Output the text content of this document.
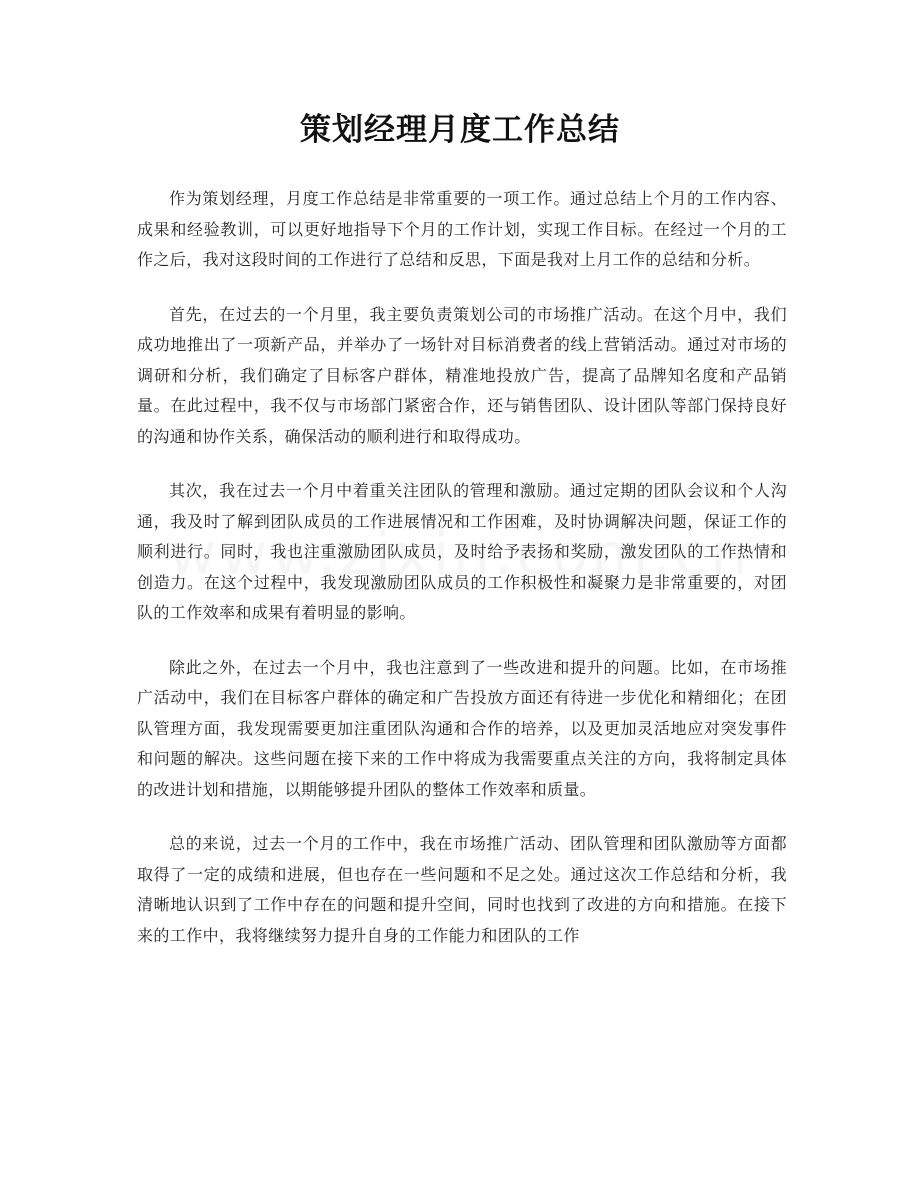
策划经理月度工作总结

作为策划经理，月度工作总结是非常重要的一项工作。通过总结上个月的工作内容、成果和经验教训，可以更好地指导下个月的工作计划，实现工作目标。在经过一个月的工作之后，我对这段时间的工作进行了总结和反思，下面是我对上月工作的总结和分析。

首先，在过去的一个月里，我主要负责策划公司的市场推广活动。在这个月中，我们成功地推出了一项新产品，并举办了一场针对目标消费者的线上营销活动。通过对市场的调研和分析，我们确定了目标客户群体，精准地投放广告，提高了品牌知名度和产品销量。在此过程中，我不仅与市场部门紧密合作，还与销售团队、设计团队等部门保持良好的沟通和协作关系，确保活动的顺利进行和取得成功。

其次，我在过去一个月中着重关注团队的管理和激励。通过定期的团队会议和个人沟通，我及时了解到团队成员的工作进展情况和工作困难，及时协调解决问题，保证工作的顺利进行。同时，我也注重激励团队成员，及时给予表扬和奖励，激发团队的工作热情和创造力。在这个过程中，我发现激励团队成员的工作积极性和凝聚力是非常重要的，对团队的工作效率和成果有着明显的影响。

除此之外，在过去一个月中，我也注意到了一些改进和提升的问题。比如，在市场推广活动中，我们在目标客户群体的确定和广告投放方面还有待进一步优化和精细化；在团队管理方面，我发现需要更加注重团队沟通和合作的培养，以及更加灵活地应对突发事件和问题的解决。这些问题在接下来的工作中将成为我需要重点关注的方向，我将制定具体的改进计划和措施，以期能够提升团队的整体工作效率和质量。

总的来说，过去一个月的工作中，我在市场推广活动、团队管理和团队激励等方面都取得了一定的成绩和进展，但也存在一些问题和不足之处。通过这次工作总结和分析，我清晰地认识到了工作中存在的问题和提升空间，同时也找到了改进的方向和措施。在接下来的工作中，我将继续努力提升自身的工作能力和团队的工作
